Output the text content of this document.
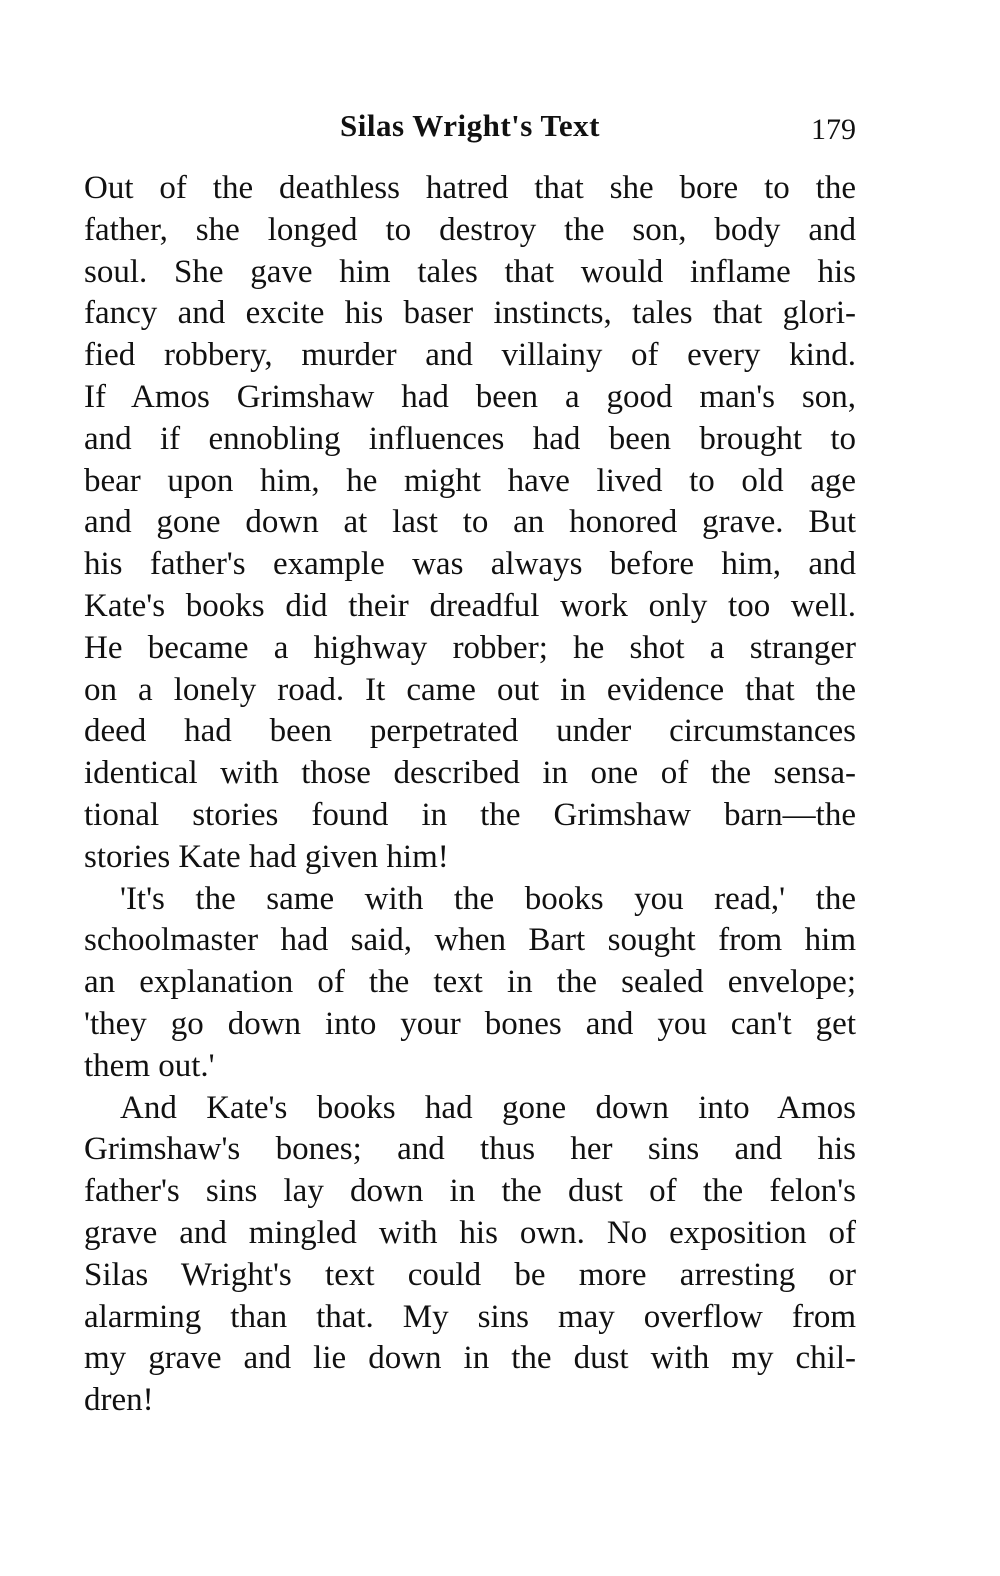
Silas Wright's Text	179
Out of the deathless hatred that she bore to the
father, she longed to destroy the son, body and
soul. She gave him tales that would inflame his
fancy and excite his baser instincts, tales that glori-
fied robbery, murder and villainy of every kind.
If Amos Grimshaw had been a good man's son,
and if ennobling influences had been brought to
bear upon him, he might have lived to old age
and gone down at last to an honored grave. But
his father's example was always before him, and
Kate's books did their dreadful work only too well.
He became a highway robber; he shot a stranger
on a lonely road. It came out in evidence that the
deed had been perpetrated under circumstances
identical with those described in one of the sensa-
tional stories found in the Grimshaw barn—the
stories Kate had given him!
'It's the same with the books you read,' the
schoolmaster had said, when Bart sought from him
an explanation of the text in the sealed envelope;
'they go down into your bones and you can't get
them out.'
And Kate's books had gone down into Amos
Grimshaw's bones; and thus her sins and his
father's sins lay down in the dust of the felon's
grave and mingled with his own. No exposition of
Silas Wright's text could be more arresting or
alarming than that. My sins may overflow from
my grave and lie down in the dust with my chil-
dren!
